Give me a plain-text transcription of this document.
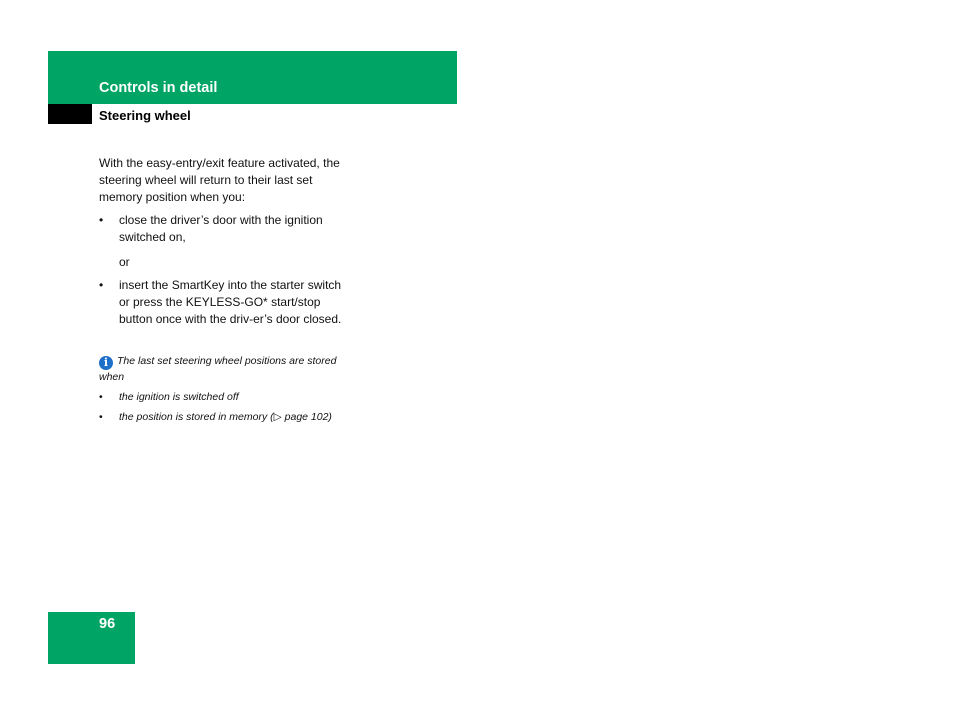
Controls in detail
Steering wheel

With the easy-entry/exit feature activated, the steering wheel will return to their last set memory position when you:

• close the driver’s door with the ignition switched on,
or
• insert the SmartKey into the starter switch or press the KEYLESS-GO* start/stop button once with the driv-er’s door closed.
i The last set steering wheel positions are stored when
• the ignition is switched off
• the position is stored in memory (▷ page 102)
96
